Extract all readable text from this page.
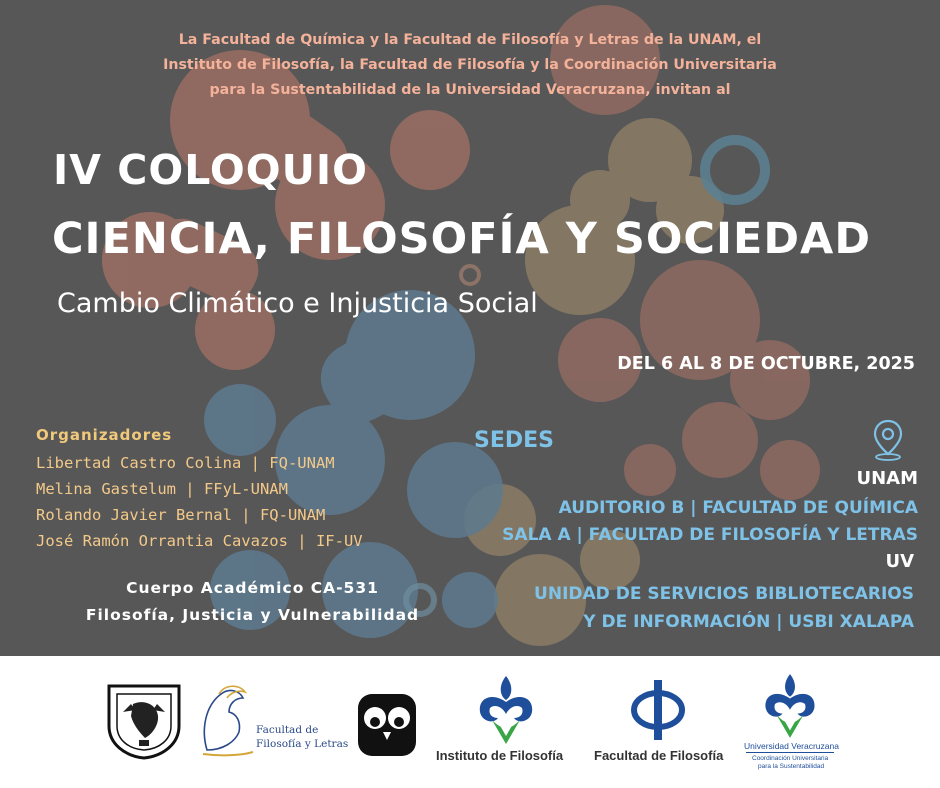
La Facultad de Química y la Facultad de Filosofía y Letras de la UNAM, el
Instituto de Filosofía, la Facultad de Filosofía y la Coordinación Universitaria
para la Sustentabilidad de la Universidad Veracruzana, invitan al
IV COLOQUIO
CIENCIA, FILOSOFÍA Y SOCIEDAD
Cambio Climático e Injusticia Social
DEL 6 AL 8 DE OCTUBRE, 2025
Organizadores
Libertad Castro Colina | FQ-UNAM
Melina Gastelum | FFyL-UNAM
Rolando Javier Bernal | FQ-UNAM
José Ramón Orrantia Cavazos | IF-UV
Cuerpo Académico CA-531
Filosofía, Justicia y Vulnerabilidad
SEDES
UNAM
AUDITORIO B | FACULTAD DE QUÍMICA
SALA A | FACULTAD DE FILOSOFÍA Y LETRAS
UV
UNIDAD DE SERVICIOS BIBLIOTECARIOS
Y DE INFORMACIÓN | USBI XALAPA
Facultad de
Filosofía y Letras
Instituto de Filosofía Facultad de Filosofía
Universidad Veracruzana
Coordinación Universitaria
para la Sustentabilidad
